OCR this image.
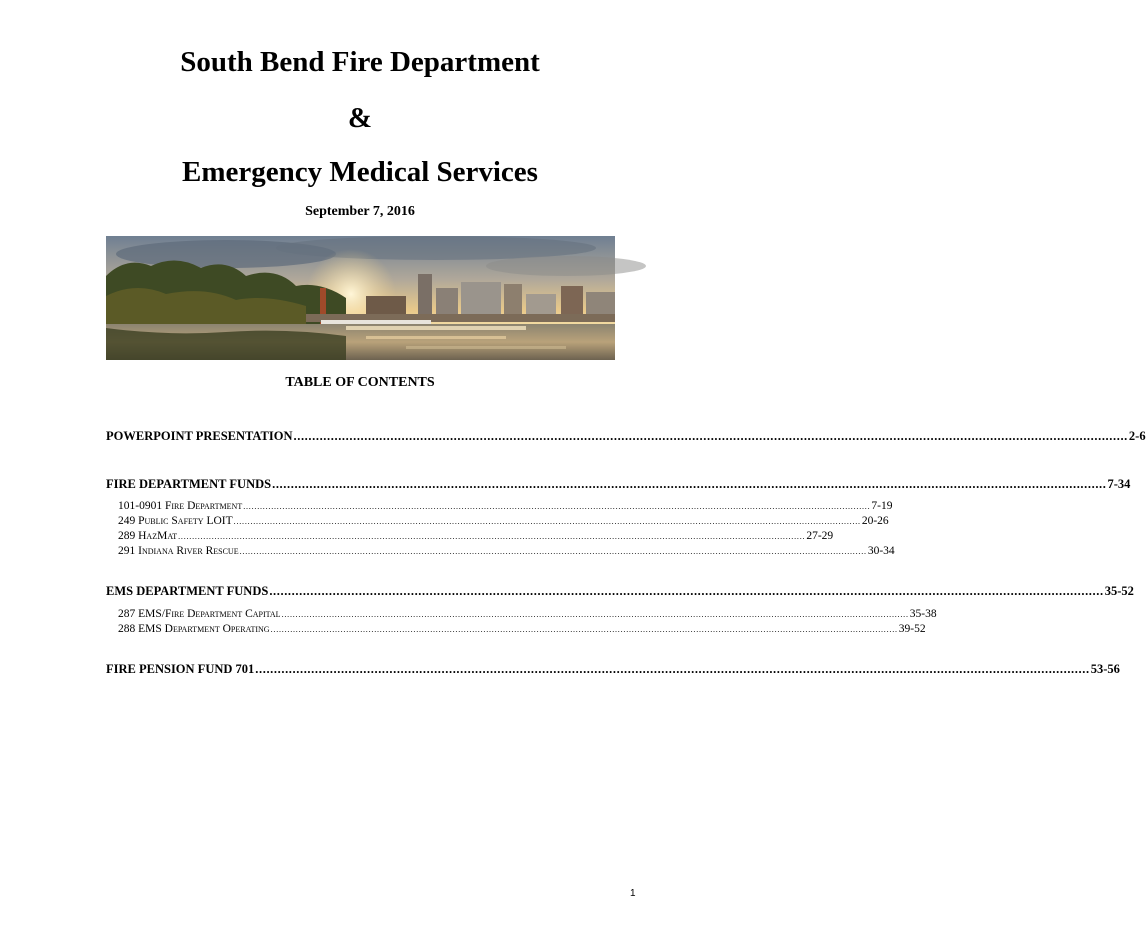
South Bend Fire Department
&
Emergency Medical Services
September 7, 2016
TABLE OF CONTENTS
POWERPOINT PRESENTATION ................................................................................................................................................................................................................................ 2-6
FIRE DEPARTMENT FUNDS ................................................................................................................................................................................................................................ 7-34
101-0901 Fire Department ................................................................................................................................................................................................................................ 7-19
249 Public Safety LOIT ................................................................................................................................................................................................................................ 20-26
289 HazMat ................................................................................................................................................................................................................................ 27-29
291 Indiana River Rescue ................................................................................................................................................................................................................................ 30-34
EMS DEPARTMENT FUNDS ................................................................................................................................................................................................................................ 35-52
287 EMS/Fire Department Capital ................................................................................................................................................................................................................................ 35-38
288 EMS Department Operating ................................................................................................................................................................................................................................ 39-52
FIRE PENSION FUND 701 ................................................................................................................................................................................................................................ 53-56
1
